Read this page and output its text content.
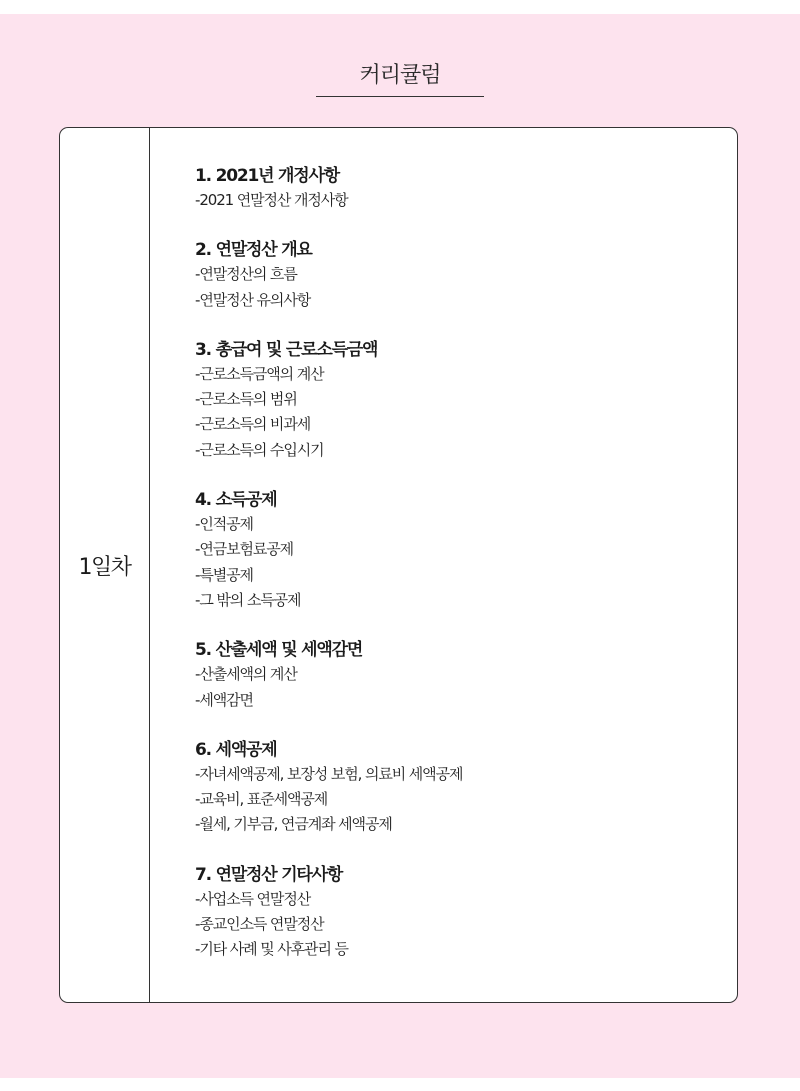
커리큘럼
1일차
1. 2021년 개정사항
-2021 연말정산 개정사항
2. 연말정산 개요
-연말정산의 흐름
-연말정산 유의사항
3. 총급여 및 근로소득금액
-근로소득금액의 계산
-근로소득의 범위
-근로소득의 비과세
-근로소득의 수입시기
4. 소득공제
-인적공제
-연금보험료공제
-특별공제
-그 밖의 소득공제
5. 산출세액 및 세액감면
-산출세액의 계산
-세액감면
6. 세액공제
-자녀세액공제, 보장성 보험, 의료비 세액공제
-교육비, 표준세액공제
-월세, 기부금, 연금계좌 세액공제
7. 연말정산 기타사항
-사업소득 연말정산
-종교인소득 연말정산
-기타 사례 및 사후관리 등
